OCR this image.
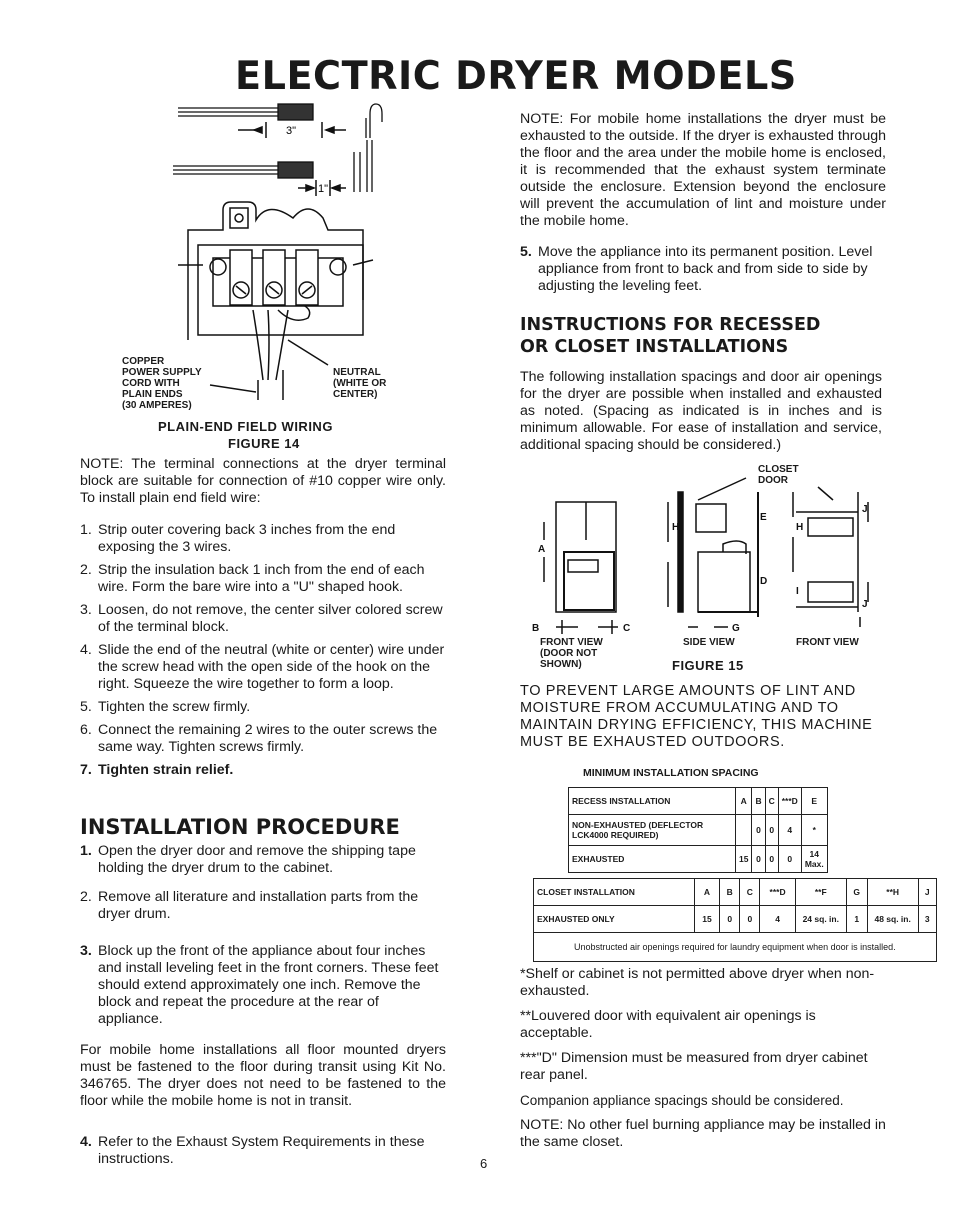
ELECTRIC DRYER MODELS
3"
1"
COPPER
POWER SUPPLY
CORD WITH
PLAIN ENDS
(30 AMPERES)
NEUTRAL
(WHITE OR
CENTER)
PLAIN-END FIELD WIRING
FIGURE 14

NOTE: The terminal connections at the dryer terminal block are suitable for connection of #10 copper wire only. To install plain end field wire:

1. Strip outer covering back 3 inches from the end exposing the 3 wires.
2. Strip the insulation back 1 inch from the end of each wire. Form the bare wire into a "U" shaped hook.
3. Loosen, do not remove, the center silver colored screw of the terminal block.
4. Slide the end of the neutral (white or center) wire under the screw head with the open side of the hook on the right. Squeeze the wire together to form a loop.
5. Tighten the screw firmly.
6. Connect the remaining 2 wires to the outer screws the same way. Tighten screws firmly.
7. Tighten strain relief.
INSTALLATION PROCEDURE
1. Open the dryer door and remove the shipping tape holding the dryer drum to the cabinet.
2. Remove all literature and installation parts from the dryer drum.
3. Block up the front of the appliance about four inches and install leveling feet in the front corners. These feet should extend approximately one inch. Remove the block and repeat the procedure at the rear of appliance.

For mobile home installations all floor mounted dryers must be fastened to the floor during transit using Kit No. 346765. The dryer does not need to be fastened to the floor while the mobile home is not in transit.

4. Refer to the Exhaust System Requirements in these instructions.

NOTE: For mobile home installations the dryer must be exhausted to the outside. If the dryer is exhausted through the floor and the area under the mobile home is enclosed, it is recommended that the exhaust system terminate outside the enclosure. Extension beyond the enclosure will prevent the accumulation of lint and moisture under the mobile home.

5. Move the appliance into its permanent position. Level appliance from front to back and from side to side by adjusting the leveling feet.
INSTRUCTIONS FOR RECESSED
OR CLOSET INSTALLATIONS

The following installation spacings and door air openings for the dryer are possible when installed and exhausted as noted. (Spacing as indicated is in inches and is minimum allowable. For ease of installation and service, additional spacing should be considered.)

A
B	C
D
E
G
H	H
I
J
J
CLOSET
DOOR
FRONT VIEW
(DOOR NOT
SHOWN)
SIDE VIEW	FRONT VIEW
FIGURE 15
TO PREVENT LARGE AMOUNTS OF LINT AND MOISTURE FROM ACCUMULATING AND TO MAINTAIN DRYING EFFICIENCY, THIS MACHINE MUST BE EXHAUSTED OUTDOORS.
MINIMUM INSTALLATION SPACING
RECESS INSTALLATION	A	B	C	***D	E
NON-EXHAUSTED (DEFLECTOR LCK4000 REQUIRED)		0	0	4	*
EXHAUSTED	15	0	0	0	14 Max.
CLOSET INSTALLATION	A	B	C	***D	**F	G	**H	J
EXHAUSTED ONLY	15	0	0	4	24 sq. in.	1	48 sq. in.	3
Unobstructed air openings required for laundry equipment when door is installed.								

*Shelf or cabinet is not permitted above dryer when non-exhausted.

**Louvered door with equivalent air openings is acceptable.

***"D" Dimension must be measured from dryer cabinet rear panel.

Companion appliance spacings should be considered.

NOTE: No other fuel burning appliance may be installed in the same closet.

6
